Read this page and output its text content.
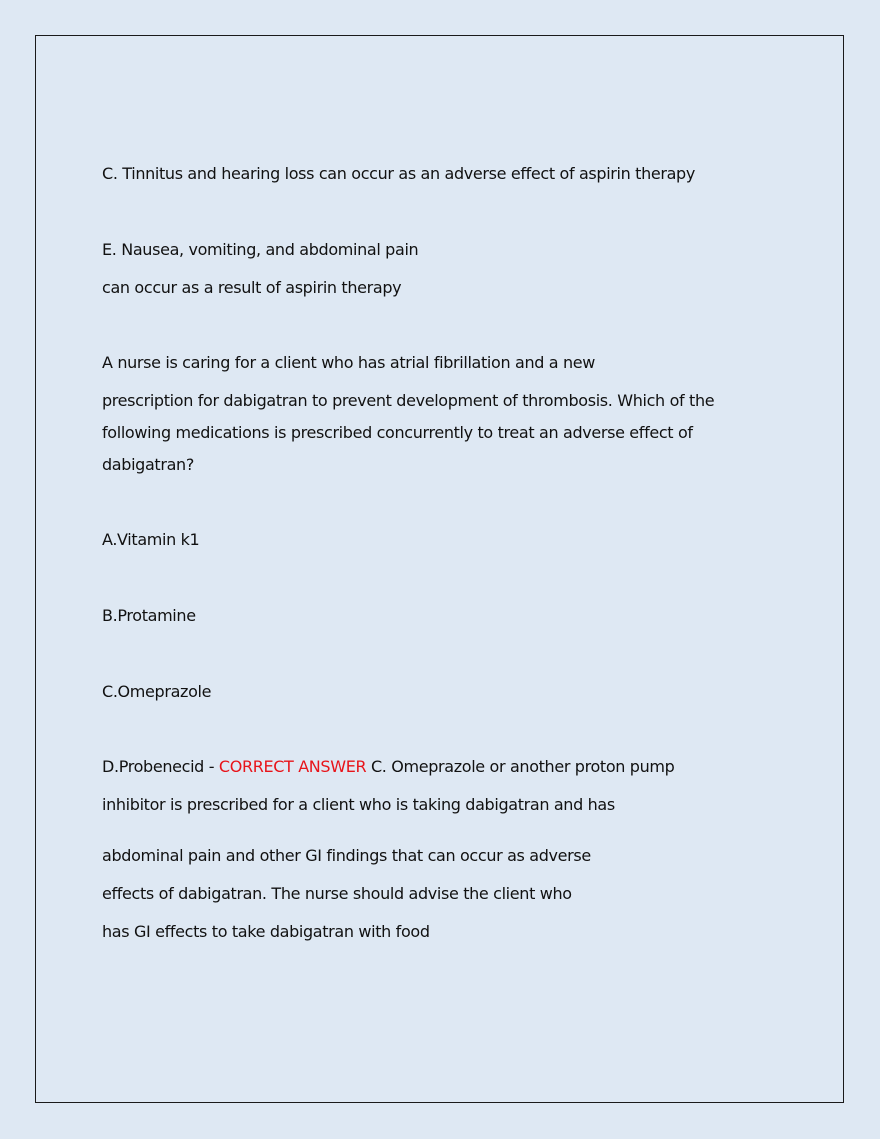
C. Tinnitus and hearing loss can occur as an adverse effect of aspirin therapy
E. Nausea, vomiting, and abdominal pain
can occur as a result of aspirin therapy
A nurse is caring for a client who has atrial fibrillation and a new
prescription for dabigatran to prevent development of thrombosis. Which of the
following medications is prescribed concurrently to treat an adverse effect of
dabigatran?
A.Vitamin k1
B.Protamine
C.Omeprazole
D.Probenecid - CORRECT ANSWER C. Omeprazole or another proton pump
inhibitor is prescribed for a client who is taking dabigatran and has
abdominal pain and other GI findings that can occur as adverse
effects of dabigatran. The nurse should advise the client who
has GI effects to take dabigatran with food
